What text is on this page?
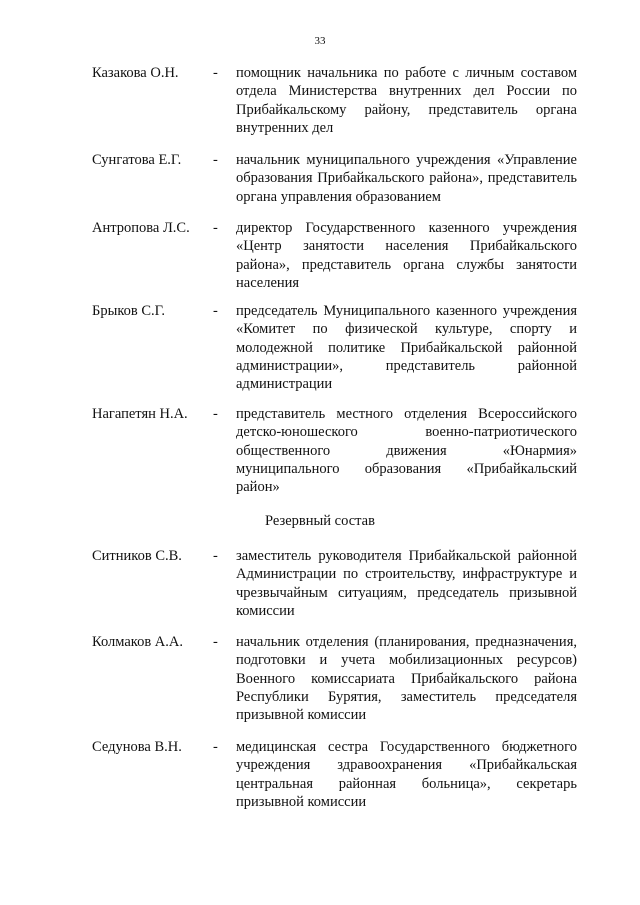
33
Казакова О.Н. - помощник начальника по работе с личным составом отдела Министерства внутренних дел России по Прибайкальскому району, представитель органа внутренних дел
Сунгатова Е.Г. - начальник муниципального учреждения «Управление образования Прибайкальского района», представитель органа управления образованием
Антропова Л.С. - директор Государственного казенного учреждения «Центр занятости населения Прибайкальского района», представитель органа службы занятости населения
Брыков С.Г.	- председатель Муниципального казенного учреждения «Комитет по физической культуре, спорту и молодежной политике Прибайкальской районной администрации», представитель районной администрации
Нагапетян Н.А. - представитель местного отделения Всероссийского детско-юношеского военно-патриотического общественного движения «Юнармия» муниципального образования «Прибайкальский район»
Резервный состав
Ситников С.В. - заместитель руководителя Прибайкальской районной Администрации по строительству, инфраструктуре и чрезвычайным ситуациям, председатель призывной комиссии
Колмаков А.А. - начальник отделения (планирования, предназначения, подготовки и учета мобилизационных ресурсов) Военного комиссариата Прибайкальского района Республики Бурятия, заместитель председателя призывной комиссии
Седунова В.Н. - медицинская сестра Государственного бюджетного учреждения здравоохранения «Прибайкальская центральная районная больница», секретарь призывной комиссии
